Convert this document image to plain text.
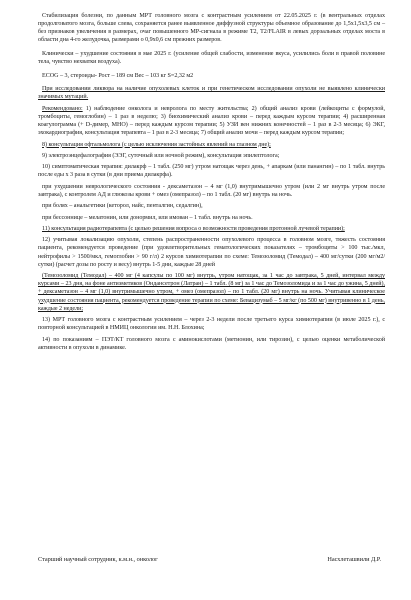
Стабилизация болезни, по данным МРТ головного мозга с контрастным усилением от 22.05.2025 г. (в вентральных отделах продолговатого мозга, больше слева, сохраняется ранее выявленное диффузной структуры объемное образование до 1,5х1,5х3,5 см – без признаков увеличения в размерах, очаг повышенного МР-сигнала в режиме Т2, T2/FLAIR в левых дорзальных отделах моста в области дна 4-го желудочка, размерами о 0,9х0,6 см прежних размеров.

Клинически – ухудшение состояния в мае 2025 г. (усиление общей слабости, изменение вкуса, усилились боли в правой половине тела, чувство нехватки воздуха).

ECOG – 3, стероиды- Рост – 189 см Вес – 103 кг S=2,32 м2

При исследовании ликвора на наличие опухолевых клеток и при генетическом исследовании опухоли не выявлено клинически значимых мутаций.

Рекомендовано: 1) наблюдение онколога и невролога по месту жительства; 2) общий анализ крови (лейкоциты с формулой, тромбоциты, гемоглобин) – 1 раз в неделю; 3) биохимический анализ крови – перед каждым курсом терапии; 4) расширенная коагулограмма (+ D-димер, МНО) – перед каждым курсом терапии; 5) УЗИ вен нижних конечностей – 1 раз в 2-3 месяца; 6) ЭКГ, эхокардиография, консультация терапевта – 1 раз в 2-3 месяца; 7) общий анализ мочи – перед каждым курсом терапии;

8) консультация офтальмолога (с целью исключения застойных явлений на глазном дне);

9) электроэнцефалография (ЭЭГ, суточный или ночной режим), консультация эпилептолога;

10) симптоматическая терапия: дилакрф – 1 табл. (250 мг) утром натощак через день, + апаркам (или панангин) – по 1 табл. внутрь после еды х 3 раза в сутки (в дни приема дилакрфа).

при ухудшении неврологического состояния - дексаметазон – 4 мг (1,0) внутримышечно утром (или 2 мг внутрь утром после завтрака), с контролем АД и глюкозы крови + омез (омепразол) – по 1 табл. (20 мг) внутрь на ночь.

при болях – анальгетики (кеторол, найс, пенталгин, седалгин),

при бессоннице – мелатонин, или донормил, или имован – 1 табл. внутрь на ночь.

11) консультация радиотерапевта (с целью решения вопроса о возможности проведения протонной лучевой терапии);

12) учитывая локализацию опухоли, степень распространенности опухолевого процесса в головном мозге, тяжесть состояния пациента, рекомендуется проведение (при удовлетворительных гематологических показателях – тромбоциты > 100 тыс./мкл, нейтрофилы > 1500/мкл, гемоглобин > 90 г/л) 2 курсов химиотерапии по схеме: Темозоломид (Темодал) – 400 мг/сутки (200 мг/м2/сутки) (расчет дозы по росту и весу) внутрь 1-5 дни, каждые 28 дней

(Темозоломид (Темодал) – 400 мг (4 капсулы по 100 мг) внутрь, утром натощак, за 1 час до завтрака, 5 дней, интервал между курсами – 23 дня, на фоне антиэметиков (Ондансетрон (Латран) – 1 табл. (8 мг) за 1 час до Темозоломида и за 1 час до ужина, 5 дней), + дексаметазон – 4 мг (1,0) внутримышечно утром, + омез (омепразол) – по 1 табл. (20 мг) внутрь на ночь. Учитывая клиническое ухудшение состояния пациента, рекомендуется проведение терапии по схеме: Бевацизумаб – 5 мг/кг (по 500 мг) внутривенно в 1 день, каждые 2 недели;

13) МРТ головного мозга с контрастным усилением – через 2-3 недели после третьего курса химиотерапии (в июле 2025 г.), с повторной консультацией в НМИЦ онкологии им. Н.Н. Блохина;

14) по показаниям – ПЭТ/КТ головного мозга с аминокислотами (метионин, или тирозин), с целью оценки метаболической активности в опухоли в динамике.

Старший научный сотрудник, к.м.н., онколог	Насхлеташвили Д.Р.
